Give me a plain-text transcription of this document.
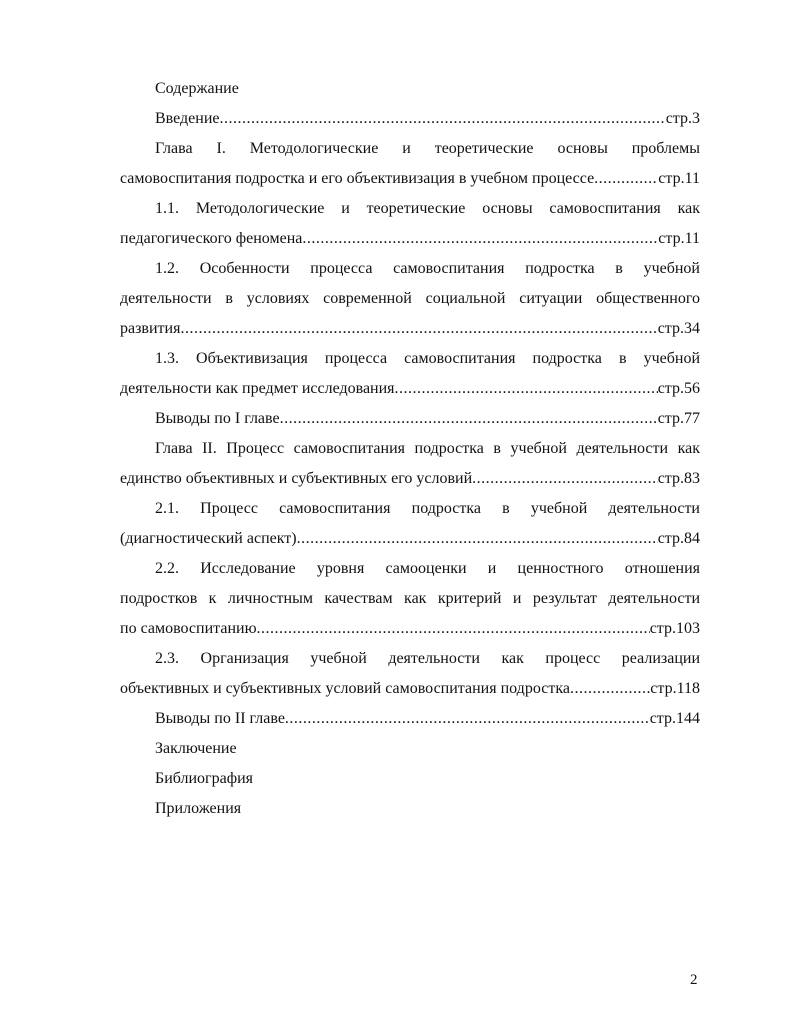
Содержание
Введение .....	стр.3
Глава I. Методологические и теоретические основы проблемы
самовоспитания подростка и его объективизация в учебном процессе .....	стр.11
1.1. Методологические и теоретические основы самовоспитания как
педагогического феномена .....	стр.11
1.2. Особенности процесса самовоспитания подростка в учебной
деятельности в условиях современной социальной ситуации общественного
развития .....	стр.34
1.3. Объективизация процесса самовоспитания подростка в учебной
деятельности как предмет исследования .....	стр.56
Выводы по I главе .....	стр.77
Глава II. Процесс самовоспитания подростка в учебной деятельности как
единство объективных и субъективных его условий .....	стр.83
2.1. Процесс самовоспитания подростка в учебной деятельности
(диагностический аспект) .....	стр.84
2.2. Исследование уровня самооценки и ценностного отношения
подростков к личностным качествам как критерий и результат деятельности
по самовоспитанию .....	стр.103
2.3. Организация учебной деятельности как процесс реализации
объективных и субъективных условий самовоспитания подростка .....	стр.118
Выводы по II главе .....	стр.144
Заключение
Библиография
Приложения
2
